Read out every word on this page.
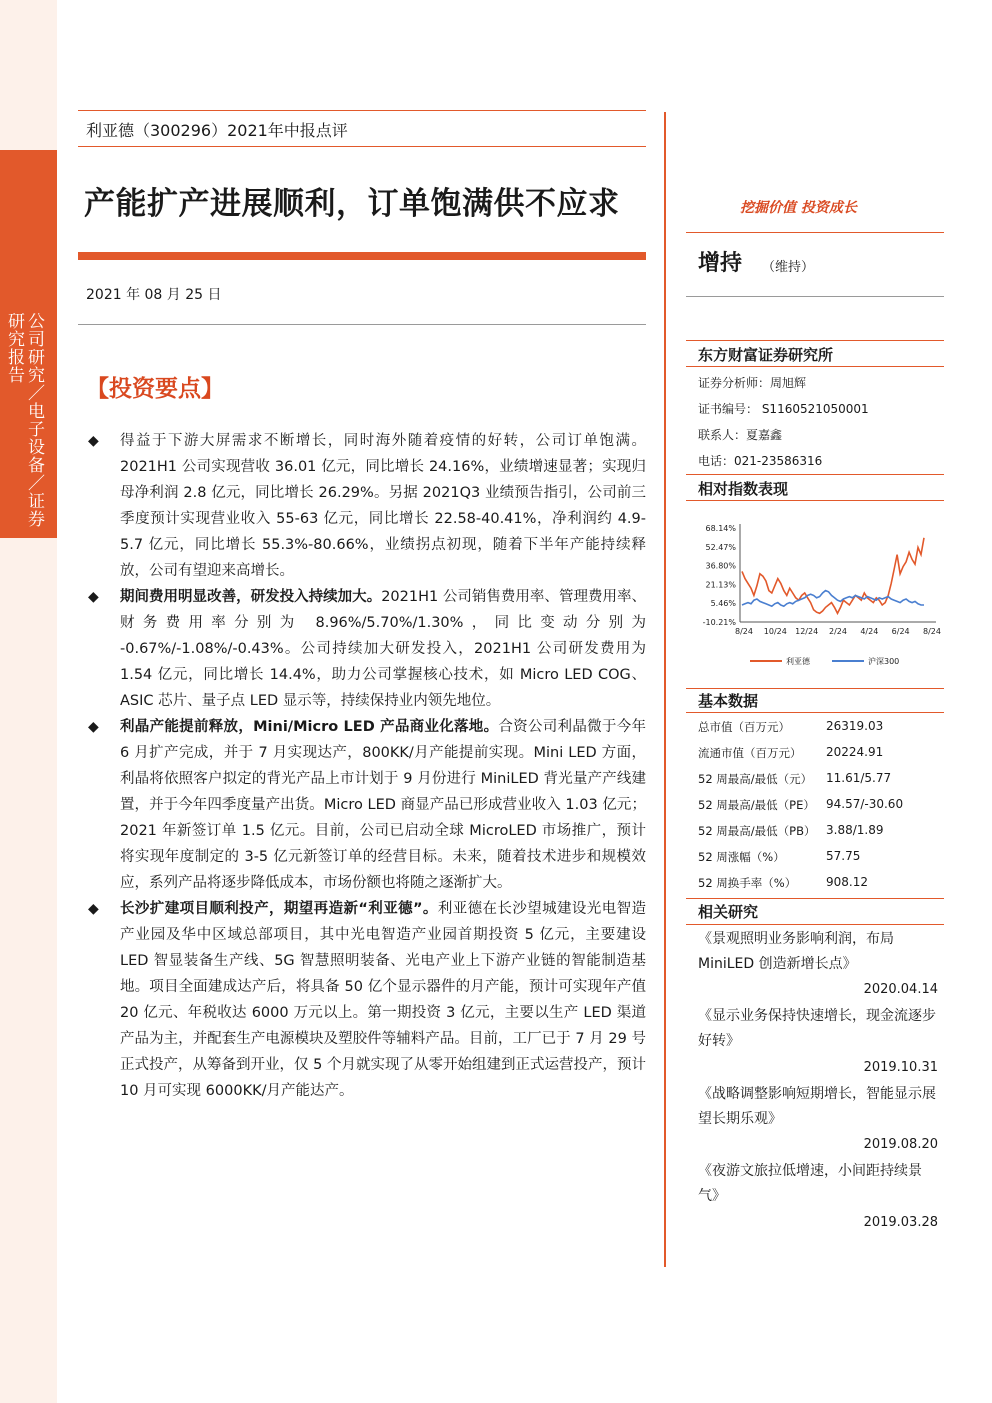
公司研究／电子设备／证券研究报告
利亚德（300296）2021年中报点评
产能扩产进展顺利，订单饱满供不应求
2021 年 08 月 25 日
【投资要点】
◆ 得益于下游大屏需求不断增长，同时海外随着疫情的好转，公司订单饱满。2021H1 公司实现营收 36.01 亿元，同比增长 24.16%，业绩增速显著；实现归母净利润 2.8 亿元，同比增长 26.29%。另据 2021Q3 业绩预告指引，公司前三季度预计实现营业收入 55-63 亿元，同比增长 22.58-40.41%，净利润约 4.9-5.7 亿元，同比增长 55.3%-80.66%，业绩拐点初现，随着下半年产能持续释放，公司有望迎来高增长。
◆ 期间费用明显改善，研发投入持续加大。2021H1 公司销售费用率、管理费用率、财务费用率分别为 8.96%/5.70%/1.30%，同比变动分别为 -0.67%/-1.08%/-0.43%。公司持续加大研发投入，2021H1 公司研发费用为 1.54 亿元，同比增长 14.4%，助力公司掌握核心技术，如 Micro LED COG、ASIC 芯片、量子点 LED 显示等，持续保持业内领先地位。
◆ 利晶产能提前释放，Mini/Micro LED 产品商业化落地。合资公司利晶微于今年 6 月扩产完成，并于 7 月实现达产，800KK/月产能提前实现。Mini LED 方面，利晶将依照客户拟定的背光产品上市计划于 9 月份进行 MiniLED 背光量产产线建置，并于今年四季度量产出货。Micro LED 商显产品已形成营业收入 1.03 亿元；2021 年新签订单 1.5 亿元。目前，公司已启动全球 MicroLED 市场推广，预计将实现年度制定的 3-5 亿元新签订单的经营目标。未来，随着技术进步和规模效应，系列产品将逐步降低成本，市场份额也将随之逐渐扩大。
◆ 长沙扩建项目顺利投产，期望再造新“利亚德”。利亚德在长沙望城建设光电智造产业园及华中区域总部项目，其中光电智造产业园首期投资 5 亿元，主要建设 LED 智显装备生产线、5G 智慧照明装备、光电产业上下游产业链的智能制造基地。项目全面建成达产后，将具备 50 亿个显示器件的月产能，预计可实现年产值 20 亿元、年税收达 6000 万元以上。第一期投资 3 亿元，主要以生产 LED 渠道产品为主，并配套生产电源模块及塑胶件等辅料产品。目前，工厂已于 7 月 29 号正式投产，从筹备到开业，仅 5 个月就实现了从零开始组建到正式运营投产，预计 10 月可实现 6000KK/月产能达产。
挖掘价值 投资成长
增持 （维持）
东方财富证券研究所
证券分析师：周旭辉
证书编号： S1160521050001
联系人：夏嘉鑫
电话：021-23586316
相对指数表现
68.14%
52.47%
36.80%
21.13%
5.46%
-10.21%
8/24 10/24 12/24 2/24 4/24 6/24 8/24
利亚德	沪深300
基本数据
总市值（百万元）	26319.03
流通市值（百万元） 20224.91
52 周最高/最低（元） 11.61/5.77
52 周最高/最低（PE） 94.57/-30.60
52 周最高/最低（PB） 3.88/1.89
52 周涨幅（%）	57.75
52 周换手率（%） 908.12
相关研究
《景观照明业务影响利润，布局 MiniLED 创造新增长点》
2020.04.14
《显示业务保持快速增长，现金流逐步好转》
2019.10.31
《战略调整影响短期增长，智能显示展望长期乐观》
2019.08.20
《夜游文旅拉低增速，小间距持续景气》
2019.03.28
